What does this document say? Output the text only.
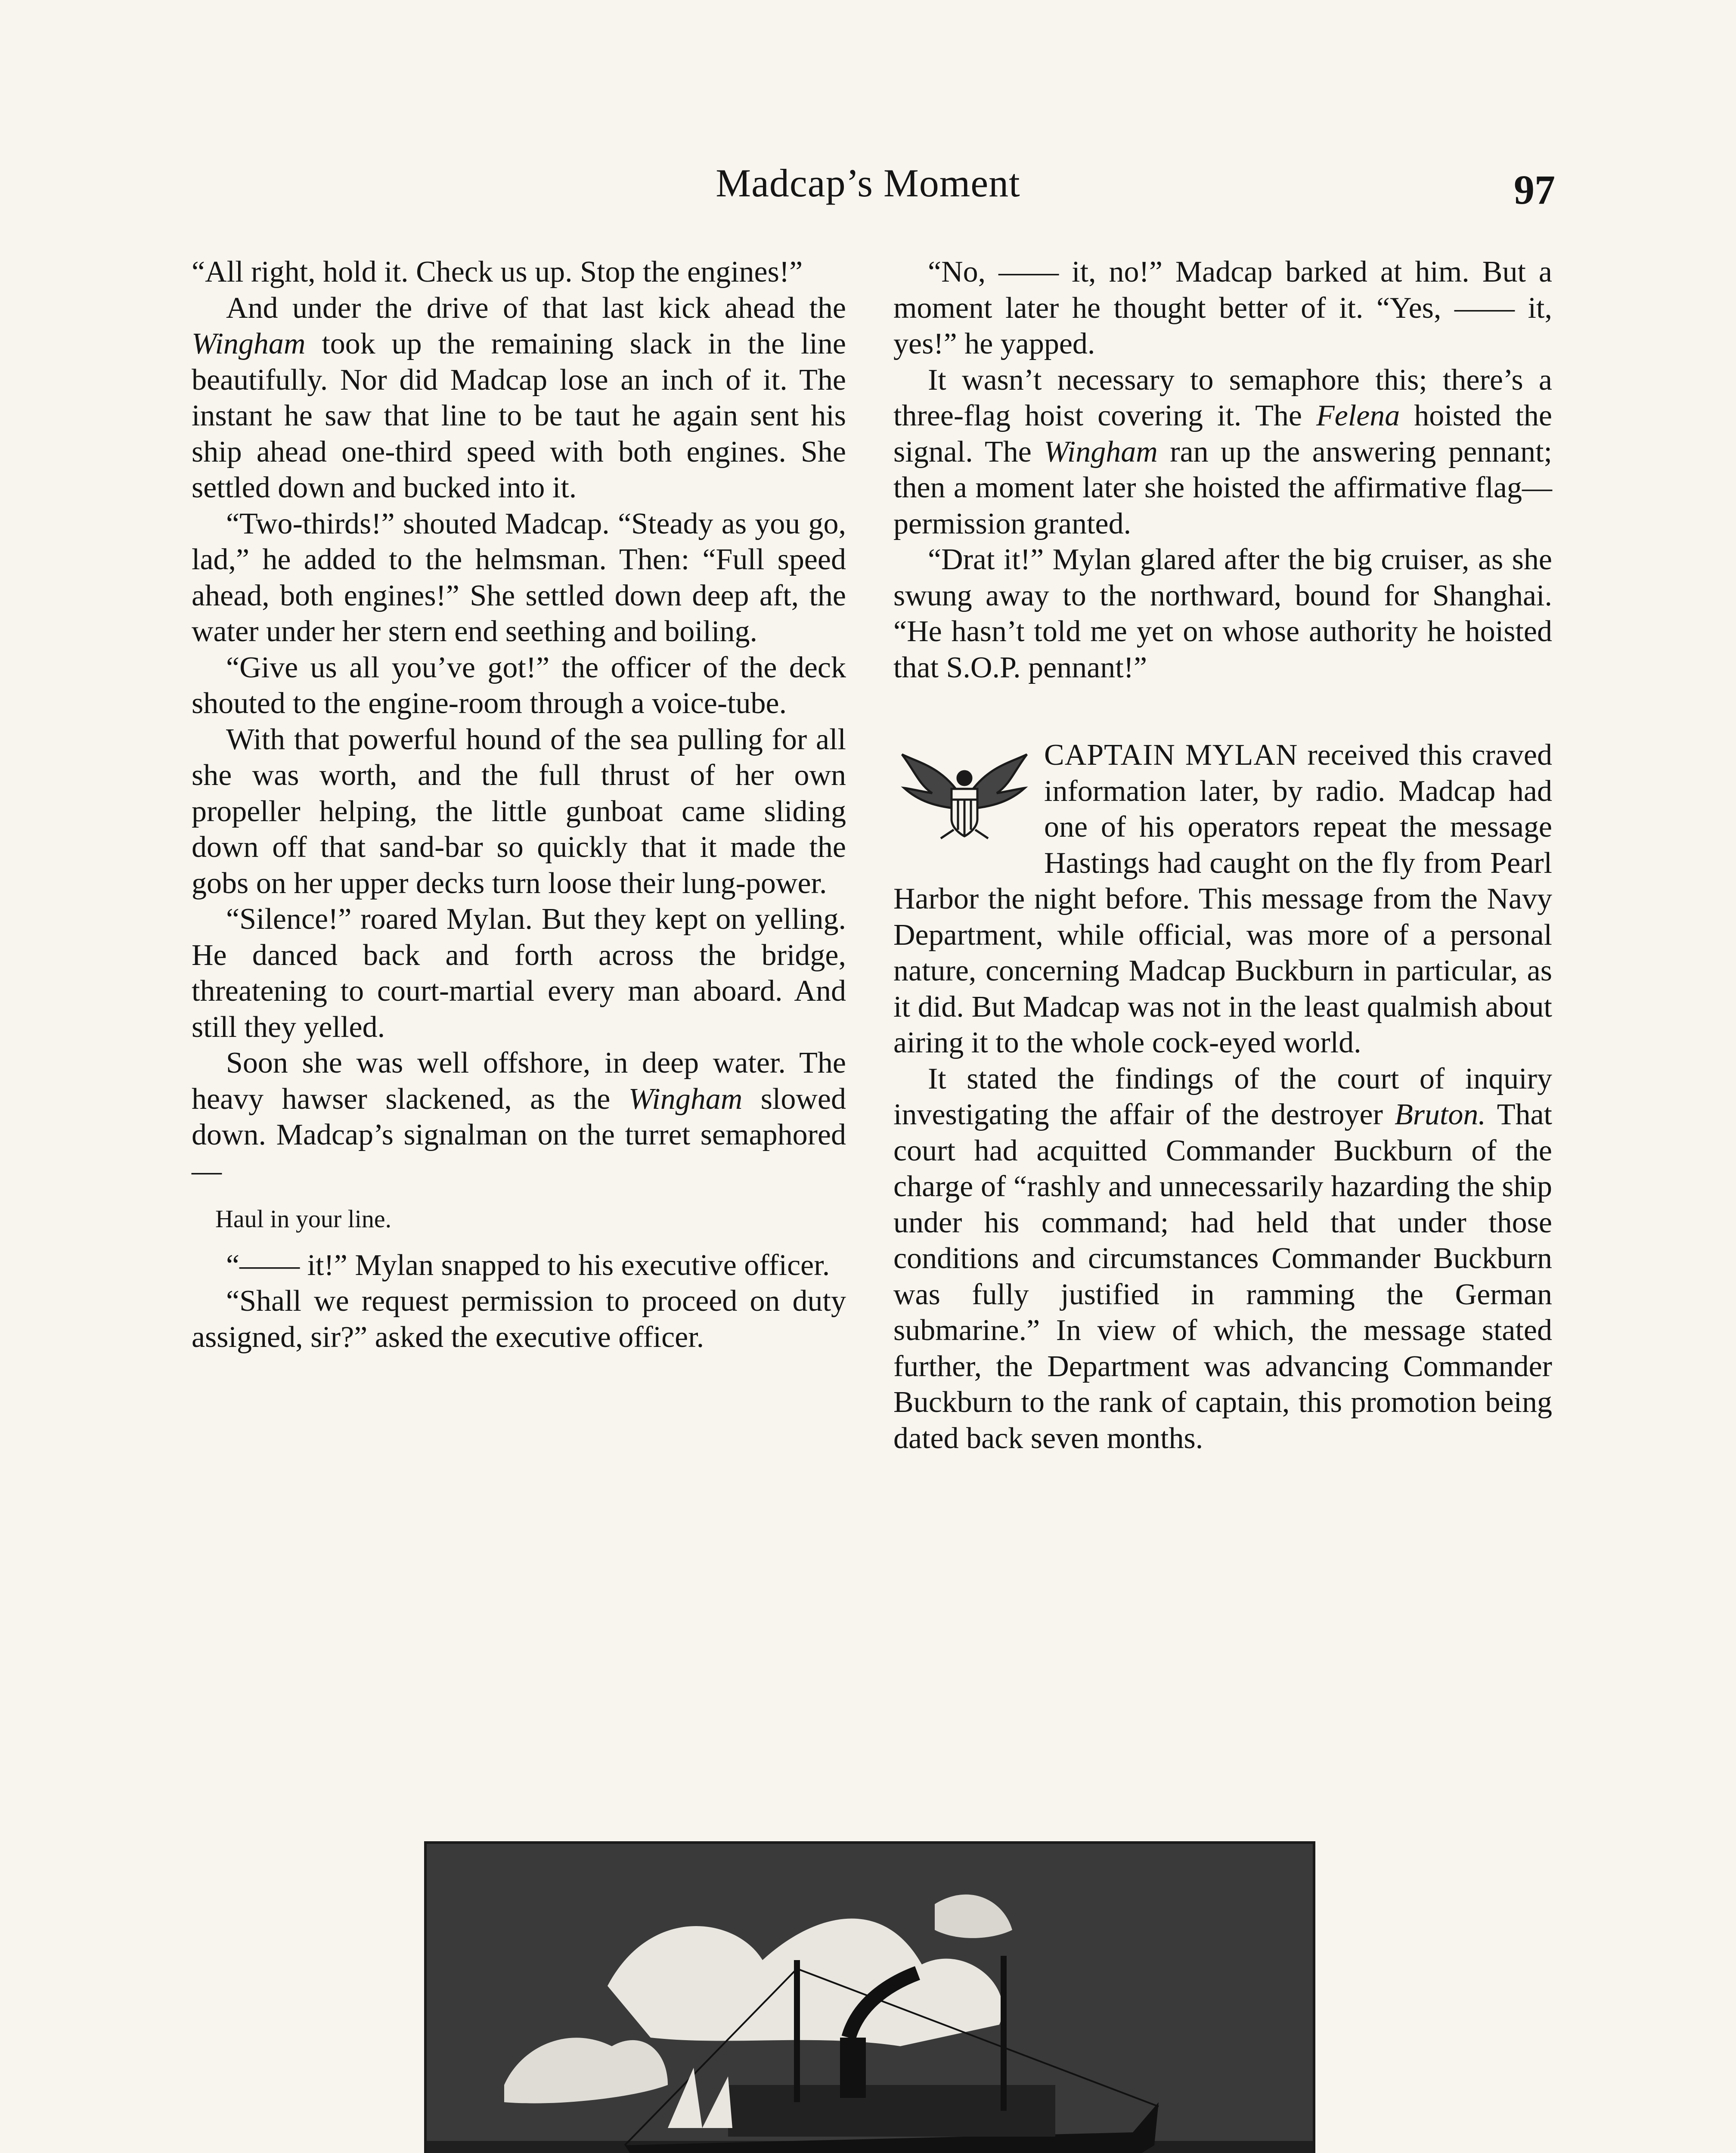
Madcap’s Moment	97

“All right, hold it. Check us up. Stop the engines!”

And under the drive of that last kick ahead the Wingham took up the remaining slack in the line beautifully. Nor did Madcap lose an inch of it. The instant he saw that line to be taut he again sent his ship ahead one-third speed with both engines. She settled down and bucked into it.

“Two-thirds!” shouted Madcap. “Steady as you go, lad,” he added to the helmsman. Then: “Full speed ahead, both engines!” She settled down deep aft, the water under her stern end seething and boiling.

“Give us all you’ve got!” the officer of the deck shouted to the engine-room through a voice-tube.

With that powerful hound of the sea pulling for all she was worth, and the full thrust of her own propeller helping, the little gunboat came sliding down off that sand-bar so quickly that it made the gobs on her upper decks turn loose their lung-power.

“Silence!” roared Mylan. But they kept on yelling. He danced back and forth across the bridge, threatening to court-martial every man aboard. And still they yelled.

Soon she was well offshore, in deep water. The heavy hawser slackened, as the Wingham slowed down. Madcap’s signalman on the turret semaphored—

Haul in your line.

“—— it!” Mylan snapped to his executive officer.

“Shall we request permission to proceed on duty assigned, sir?” asked the executive officer.

“No, —— it, no!” Madcap barked at him. But a moment later he thought better of it. “Yes, —— it, yes!” he yapped.

It wasn’t necessary to semaphore this; there’s a three-flag hoist covering it. The Felena hoisted the signal. The Wingham ran up the answering pennant; then a moment later she hoisted the affirmative flag—permission granted.

“Drat it!” Mylan glared after the big cruiser, as she swung away to the northward, bound for Shanghai. “He hasn’t told me yet on whose authority he hoisted that S.O.P. pennant!”

CAPTAIN MYLAN received this craved information later, by radio. Madcap had one of his operators repeat the message Hastings had caught on the fly from Pearl Harbor the night before. This message from the Navy Department, while official, was more of a personal nature, concerning Madcap Buckburn in particular, as it did. But Madcap was not in the least qualmish about airing it to the whole cock-eyed world.

It stated the findings of the court of inquiry investigating the affair of the destroyer Bruton. That court had acquitted Commander Buckburn of the charge of “rashly and unnecessarily hazarding the ship under his command; had held that under those conditions and circumstances Commander Buckburn was fully justified in ramming the German submarine.” In view of which, the message stated further, the Department was advancing Commander Buckburn to the rank of captain, this promotion being dated back seven months.
